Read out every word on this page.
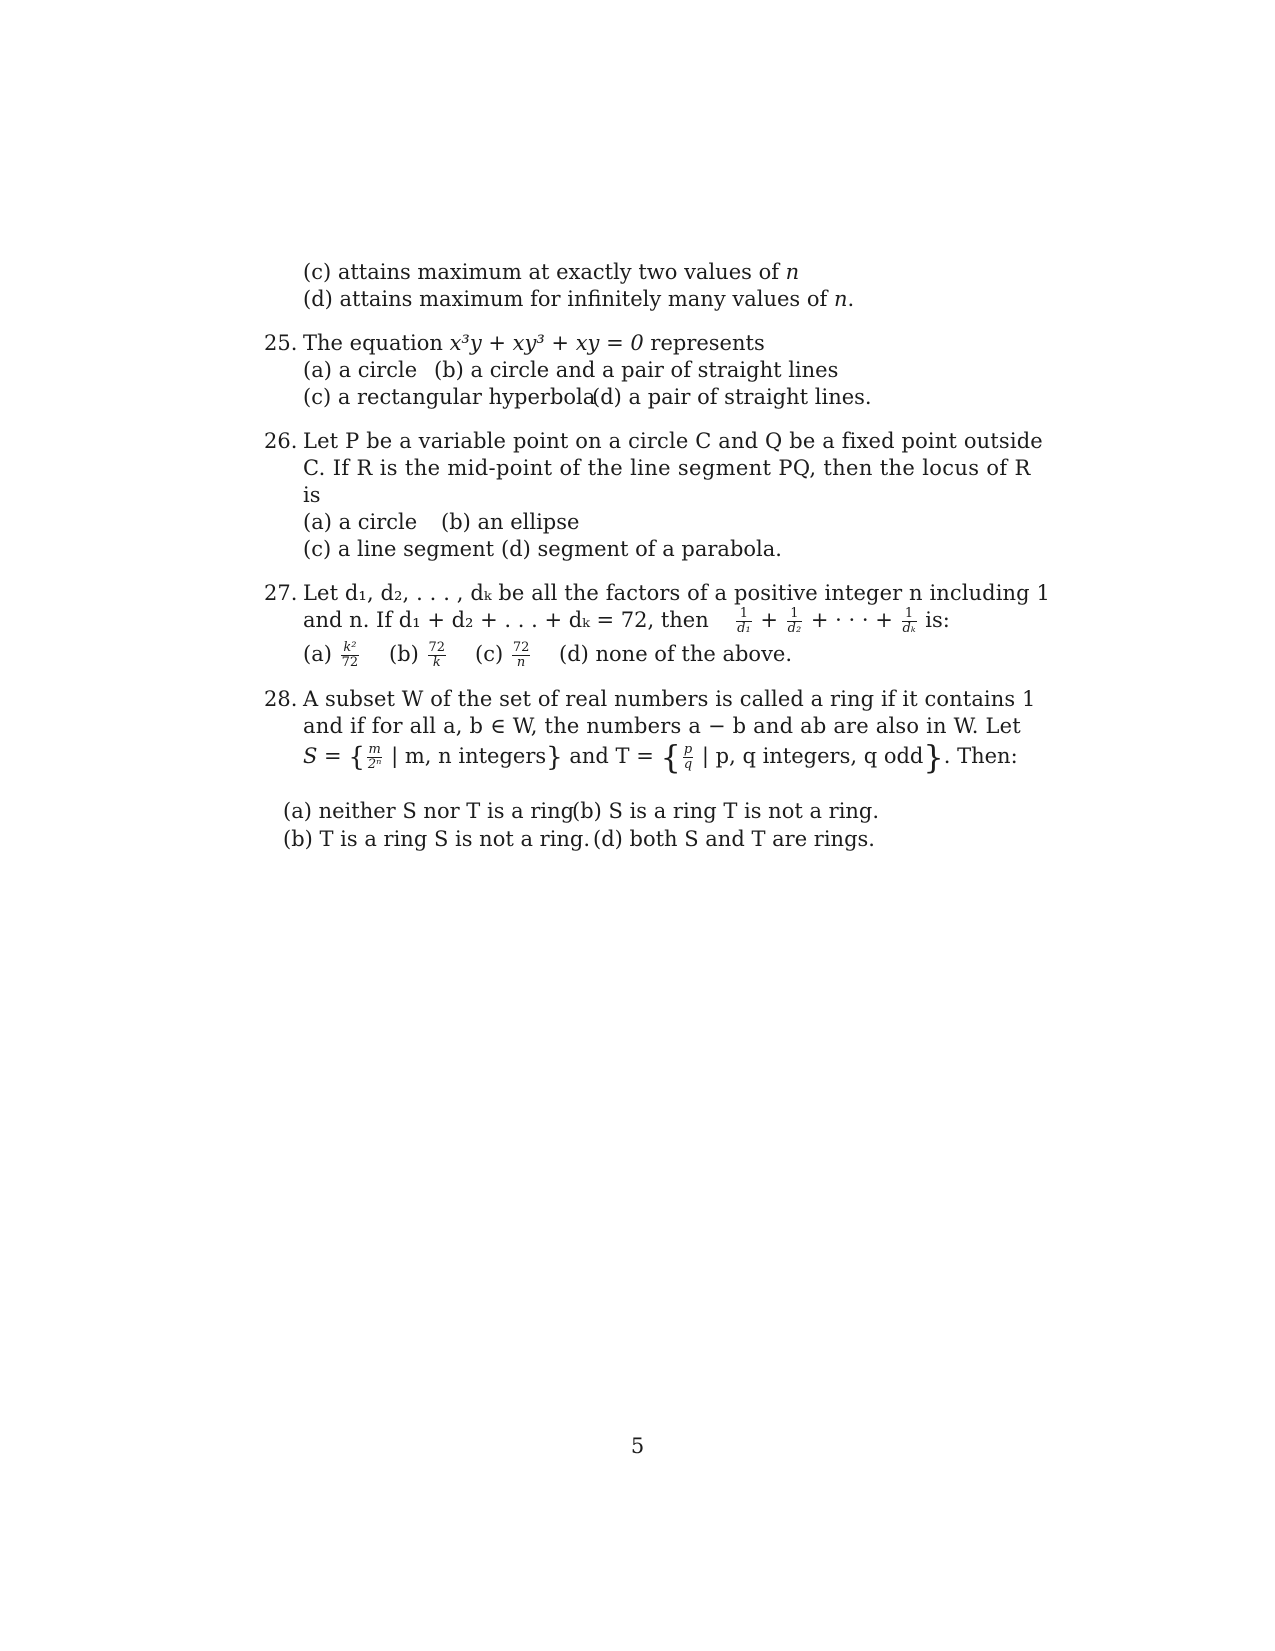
(c) attains maximum at exactly two values of n
(d) attains maximum for infinitely many values of n.
25. The equation x³y + xy³ + xy = 0 represents
(a) a circle (b) a circle and a pair of straight lines
(c) a rectangular hyperbola
(d) a pair of straight lines.
26. Let P be a variable point on a circle C and Q be a fixed point outside
C. If R is the mid-point of the line segment PQ, then the locus of R
is
(a) a circle (b) an ellipse
(c) a line segment (d) segment of a parabola.
27. Let d₁, d₂, . . . , dₖ be all the factors of a positive integer n including 1
and n. If d₁ + d₂ + . . . + dₖ = 72, then $\frac{1}{\text{d₁}} + \frac{1}{\text{d₂}}$ + · · · + $\frac{1}{\text{dₖ}}$ is:
$(a) \frac{\text{k²}}{72} (b) \frac{72}{k} (c) \frac{72}{n} (d)$ none of the above.
28. A subset W of the set of real numbers is called a ring if it contains 1
and if for all a, b ∈ W, the numbers a − b and ab are also in W. Let
S = { $\frac{m}{\text{2ⁿ}}$ | m, n integers} and T = { $\frac{p}{q}$ | p, q integers, q odd}. Then:
(a) neither S nor T is a ring
(b) S is a ring T is not a ring.
(b) T is a ring S is not a ring. (d) both S and T are rings.
5
